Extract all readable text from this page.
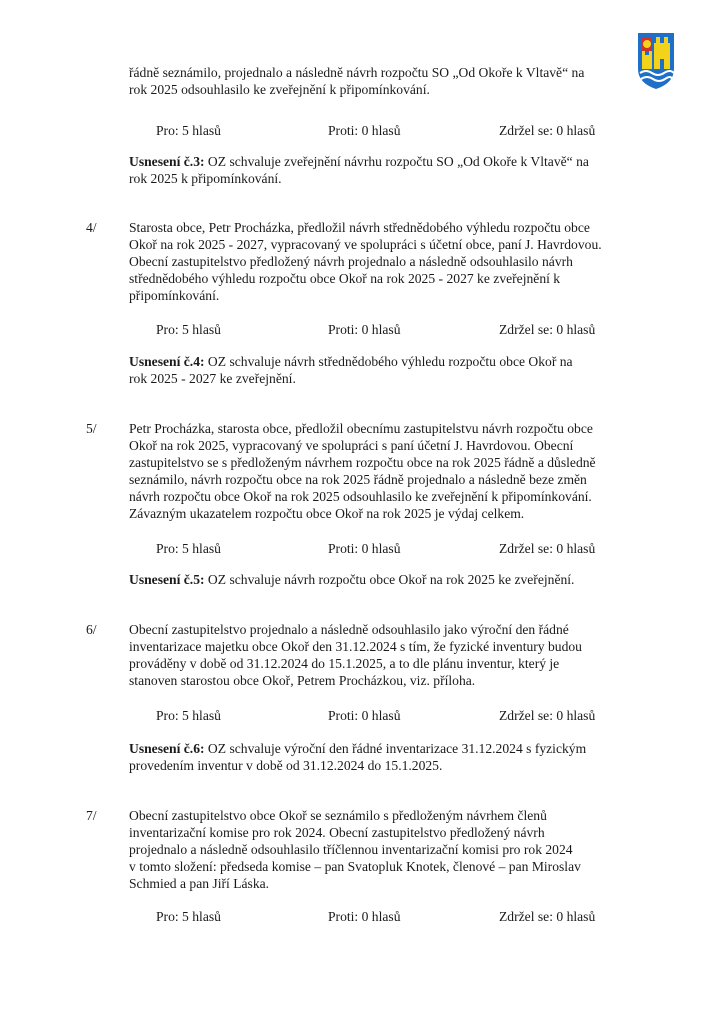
řádně seznámilo, projednalo a následně návrh rozpočtu SO „Od Okoře k Vltavě“ na
rok 2025 odsouhlasilo ke zveřejnění k připomínkování.
Pro: 5 hlasů	Proti: 0 hlasů	Zdržel se: 0 hlasů
Usnesení č.3: OZ schvaluje zveřejnění návrhu rozpočtu SO „Od Okoře k Vltavě“ na
rok 2025 k připomínkování.
4/ Starosta obce, Petr Procházka, předložil návrh střednědobého výhledu rozpočtu obce
Okoř na rok 2025 - 2027, vypracovaný ve spolupráci s účetní obce, paní J. Havrdovou.
Obecní zastupitelstvo předložený návrh projednalo a následně odsouhlasilo návrh
střednědobého výhledu rozpočtu obce Okoř na rok 2025 - 2027 ke zveřejnění k
připomínkování.
Pro: 5 hlasů	Proti: 0 hlasů	Zdržel se: 0 hlasů
Usnesení č.4: OZ schvaluje návrh střednědobého výhledu rozpočtu obce Okoř na
rok 2025 - 2027 ke zveřejnění.
5/ Petr Procházka, starosta obce, předložil obecnímu zastupitelstvu návrh rozpočtu obce
Okoř na rok 2025, vypracovaný ve spolupráci s paní účetní J. Havrdovou. Obecní
zastupitelstvo se s předloženým návrhem rozpočtu obce na rok 2025 řádně a důsledně
seznámilo, návrh rozpočtu obce na rok 2025 řádně projednalo a následně beze změn
návrh rozpočtu obce Okoř na rok 2025 odsouhlasilo ke zveřejnění k připomínkování.
Závazným ukazatelem rozpočtu obce Okoř na rok 2025 je výdaj celkem.
Pro: 5 hlasů	Proti: 0 hlasů	Zdržel se: 0 hlasů
Usnesení č.5: OZ schvaluje návrh rozpočtu obce Okoř na rok 2025 ke zveřejnění.
6/ Obecní zastupitelstvo projednalo a následně odsouhlasilo jako výroční den řádné
inventarizace majetku obce Okoř den 31.12.2024 s tím, že fyzické inventury budou
prováděny v době od 31.12.2024 do 15.1.2025, a to dle plánu inventur, který je
stanoven starostou obce Okoř, Petrem Procházkou, viz. příloha.
Pro: 5 hlasů	Proti: 0 hlasů	Zdržel se: 0 hlasů
Usnesení č.6: OZ schvaluje výroční den řádné inventarizace 31.12.2024 s fyzickým
provedením inventur v době od 31.12.2024 do 15.1.2025.
7/ Obecní zastupitelstvo obce Okoř se seznámilo s předloženým návrhem členů
inventarizační komise pro rok 2024. Obecní zastupitelstvo předložený návrh
projednalo a následně odsouhlasilo tříčlennou inventarizační komisi pro rok 2024
v tomto složení: předseda komise – pan Svatopluk Knotek, členové – pan Miroslav
Schmied a pan Jiří Láska.
Pro: 5 hlasů	Proti: 0 hlasů	Zdržel se: 0 hlasů
